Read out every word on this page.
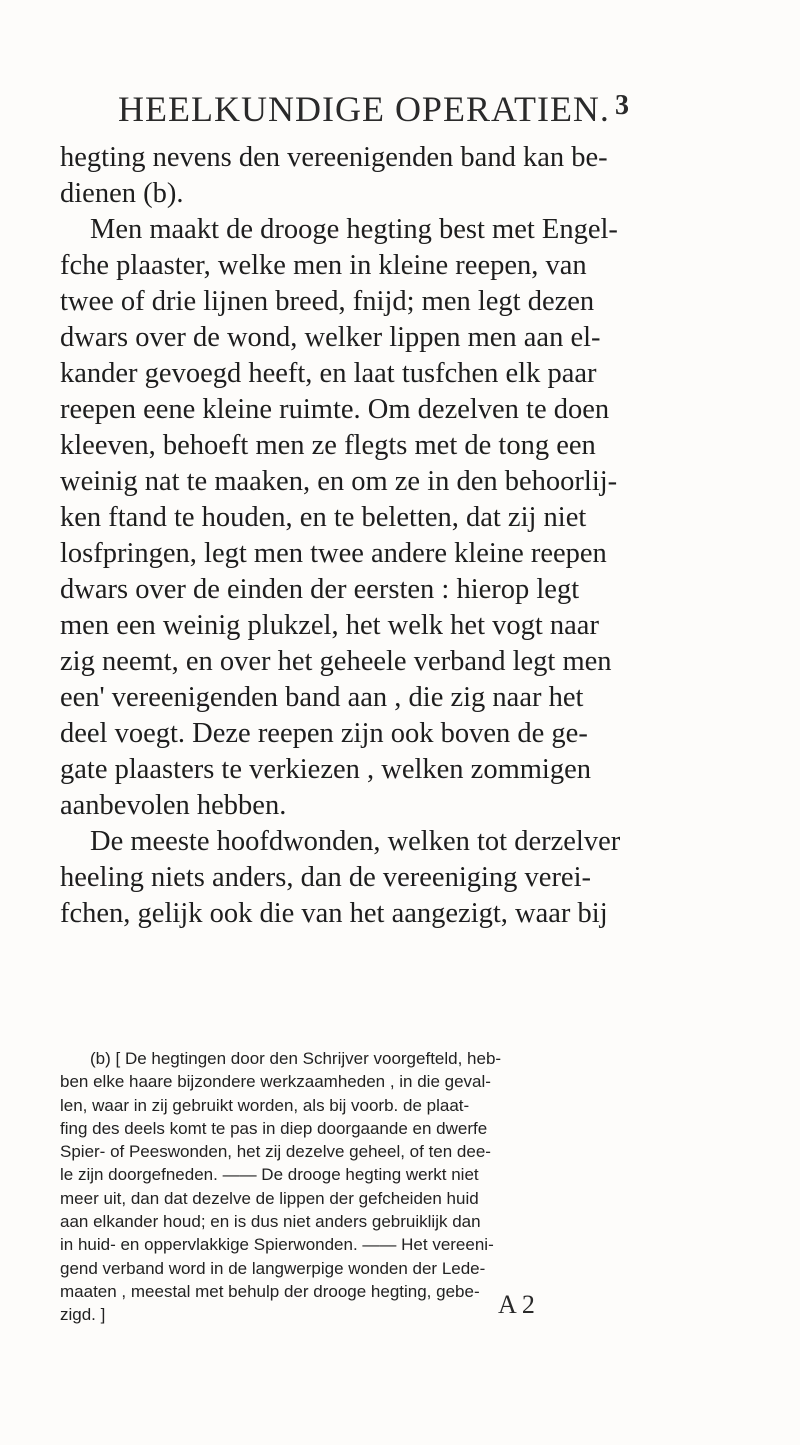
HEELKUNDIGE OPERATIEN. 3
hegting nevens den vereenigenden band kan be-
dienen (b).
Men maakt de drooge hegting best met Engel-
fche plaaster, welke men in kleine reepen, van
twee of drie lijnen breed, fnijd; men legt dezen
dwars over de wond, welker lippen men aan el-
kander gevoegd heeft, en laat tusfchen elk paar
reepen eene kleine ruimte. Om dezelven te doen
kleeven, behoeft men ze flegts met de tong een
weinig nat te maaken, en om ze in den behoorlij-
ken ftand te houden, en te beletten, dat zij niet
losfpringen, legt men twee andere kleine reepen
dwars over de einden der eersten : hierop legt
men een weinig plukzel, het welk het vogt naar
zig neemt, en over het geheele verband legt men
een' vereenigenden band aan , die zig naar het
deel voegt. Deze reepen zijn ook boven de ge-
gate plaasters te verkiezen , welken zommigen
aanbevolen hebben.
De meeste hoofdwonden, welken tot derzelver
heeling niets anders, dan de vereeniging verei-
fchen, gelijk ook die van het aangezigt, waar bij
(b) [ De hegtingen door den Schrijver voorgefteld, heb-
ben elke haare bijzondere werkzaamheden , in die geval-
len, waar in zij gebruikt worden, als bij voorb. de plaat-
fing des deels komt te pas in diep doorgaande en dwerfe
Spier- of Peeswonden, het zij dezelve geheel, of ten dee-
le zijn doorgefneden. —— De drooge hegting werkt niet
meer uit, dan dat dezelve de lippen der gefcheiden huid
aan elkander houd; en is dus niet anders gebruiklijk dan
in huid- en oppervlakkige Spierwonden. —— Het vereeni-
gend verband word in de langwerpige wonden der Lede-
maaten , meestal met behulp der drooge hegting, gebe-
zigd. ]	A 2
